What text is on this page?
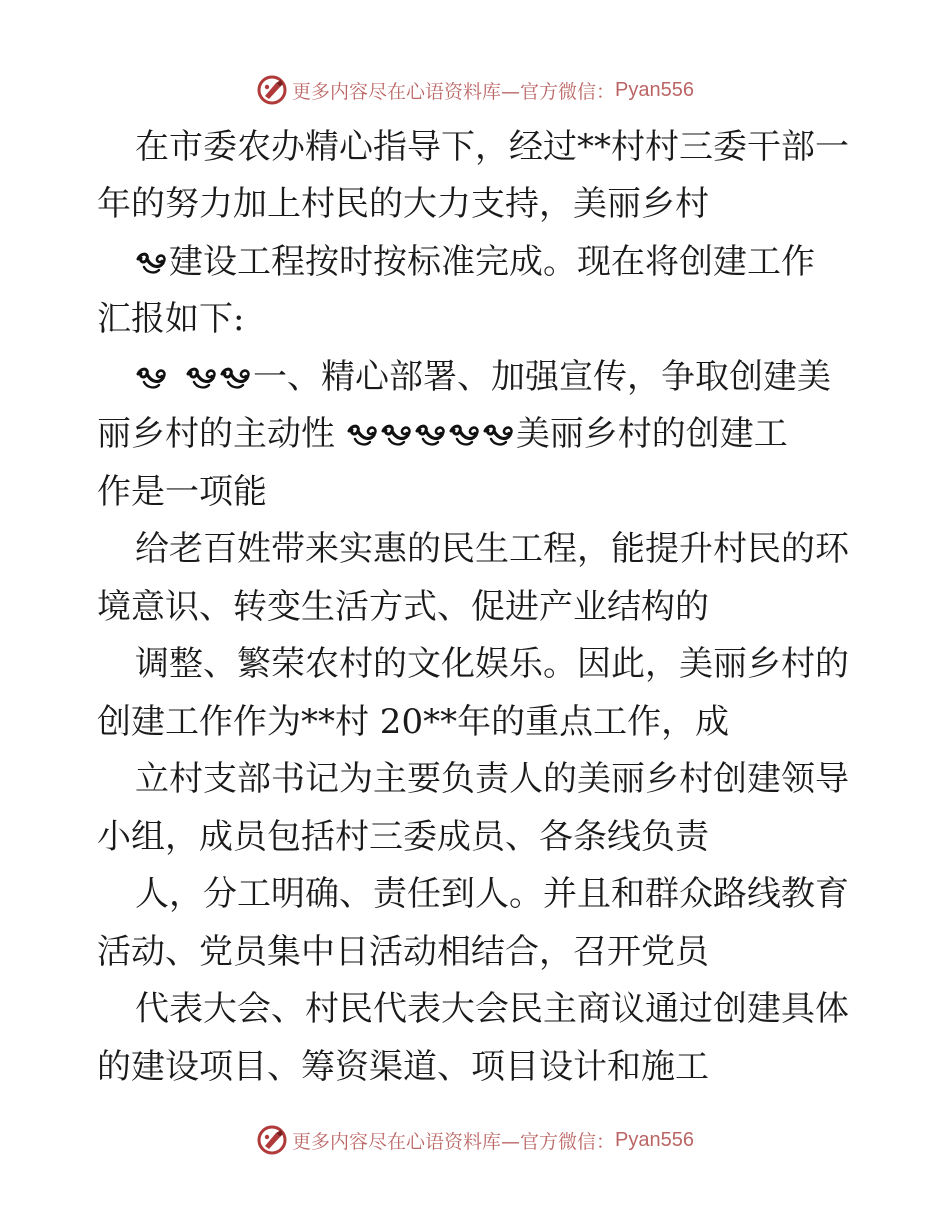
更多内容尽在心语资料库—官方微信： Pyan556
在市委农办精心指导下，经过**村村三委干部一
年的努力加上村民的大力支持，美丽乡村
建设工程按时按标准完成。现在将创建工作
汇报如下:
一、精心部署、加强宣传，争取创建美
丽乡村的主动性	美丽乡村的创建工
作是一项能
给老百姓带来实惠的民生工程，能提升村民的环
境意识、转变生活方式、促进产业结构的
调整、繁荣农村的文化娱乐。因此，美丽乡村的
创建工作作为**村 20**年的重点工作，成
立村支部书记为主要负责人的美丽乡村创建领导
小组，成员包括村三委成员、各条线负责
人，分工明确、责任到人。并且和群众路线教育
活动、党员集中日活动相结合，召开党员
代表大会、村民代表大会民主商议通过创建具体
的建设项目、筹资渠道、项目设计和施工
更多内容尽在心语资料库—官方微信： Pyan556
